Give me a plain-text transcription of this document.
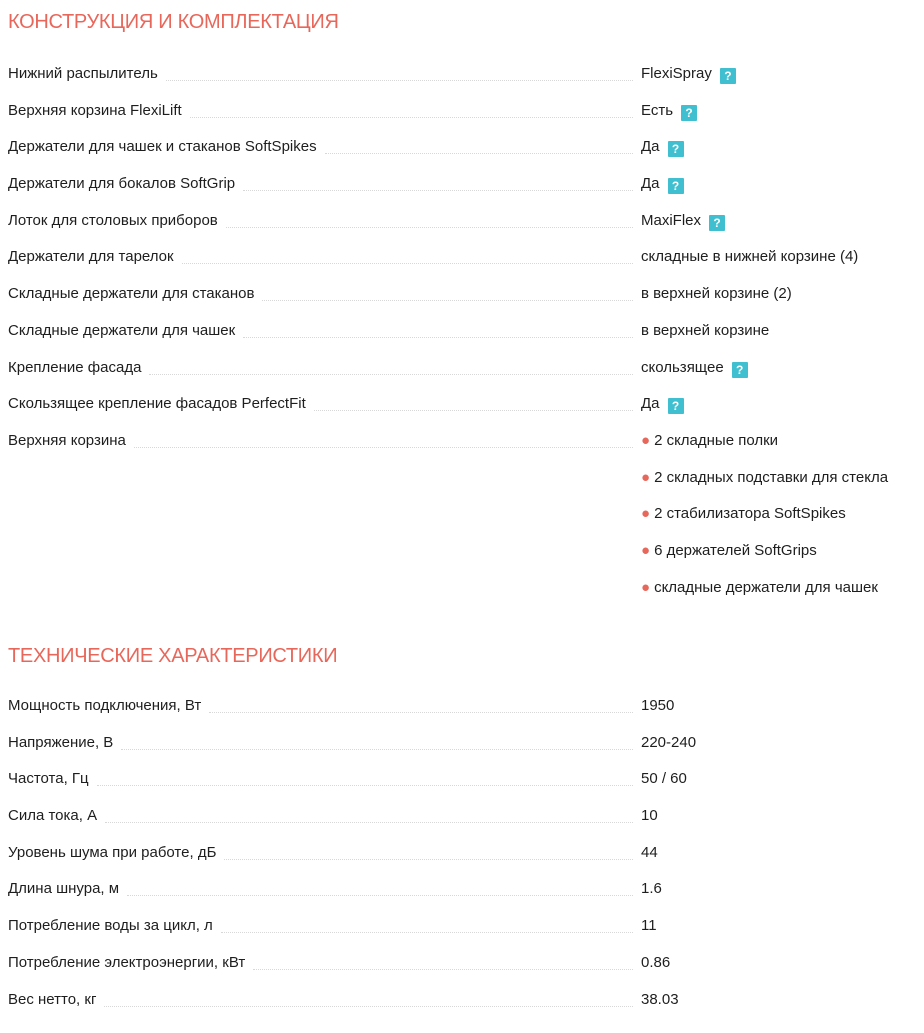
КОНСТРУКЦИЯ И КОМПЛЕКТАЦИЯ
Нижний распылитель	FlexiSpray ?
Верхняя корзина FlexiLift	Есть ?
Держатели для чашек и стаканов SoftSpikes	Да ?
Держатели для бокалов SoftGrip	Да ?
Лоток для столовых приборов	MaxiFlex ?
Держатели для тарелок	складные в нижней корзине (4)
Складные держатели для стаканов	в верхней корзине (2)
Складные держатели для чашек	в верхней корзине
Крепление фасада	скользящее ?
Скользящее крепление фасадов PerfectFit	Да ?
Верхняя корзина	● 2 складные полки
● 2 складных подставки для стекла
● 2 стабилизатора SoftSpikes
● 6 держателей SoftGrips
● складные держатели для чашек
ТЕХНИЧЕСКИЕ ХАРАКТЕРИСТИКИ
Мощность подключения, Вт	1950
Напряжение, В	220-240
Частота, Гц	50 / 60
Сила тока, А	10
Уровень шума при работе, дБ	44
Длина шнура, м	1.6
Потребление воды за цикл, л	11
Потребление электроэнергии, кВт	0.86
Вес нетто, кг	38.03
